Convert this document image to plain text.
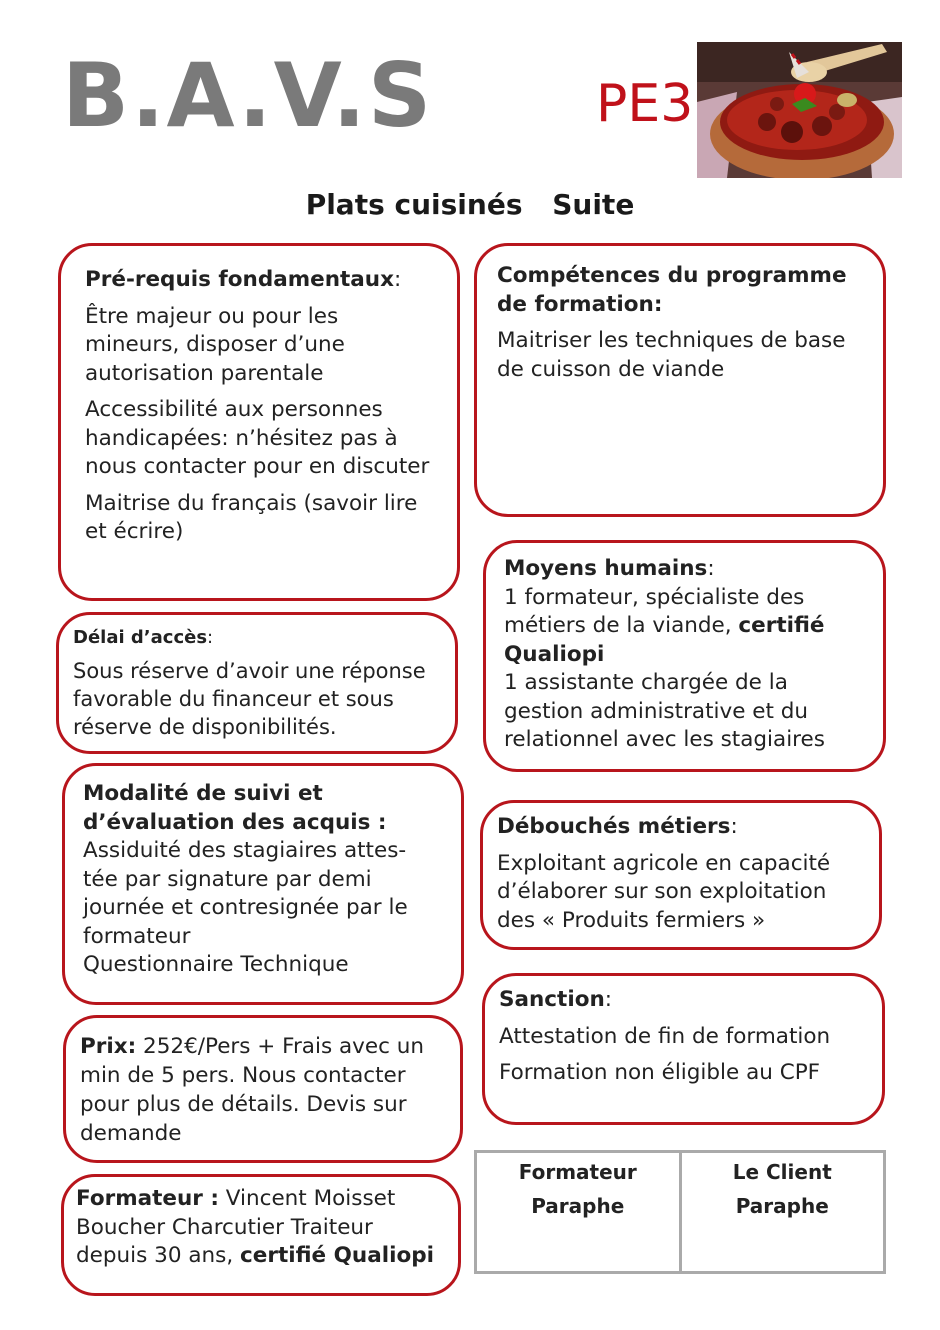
B.A.V.S	PE3
Plats cuisinés Suite

Pré-requis fondamentaux:

Être majeur ou pour les mineurs, disposer d’une autorisation parentale

Accessibilité aux personnes handicapées: n’hésitez pas à nous contacter pour en discuter

Maitrise du français (savoir lire et écrire)

Compétences du programme de formation:

Maitriser les techniques de base de cuisson de viande

Délai d’accès:

Sous réserve d’avoir une réponse favorable du financeur et sous réserve de disponibilités.

Moyens humains:

1 formateur, spécialiste des métiers de la viande, certifié Qualiopi

1 assistante chargée de la gestion administrative et du relationnel avec les stagiaires

Modalité de suivi et d’évaluation des acquis :

Assiduité des stagiaires attes- tée par signature par demi journée et contresignée par le formateur

Questionnaire Technique

Débouchés métiers:

Exploitant agricole en capacité d’élaborer sur son exploitation des « Produits fermiers »

Prix: 252€/Pers + Frais avec un min de 5 pers. Nous contacter pour plus de détails. Devis sur demande

Sanction:

Attestation de fin de formation

Formation non éligible au CPF

Formateur : Vincent Moisset
Boucher Charcutier Traiteur depuis 30 ans, certifié Qualiopi

Formateur
Paraphe
Le Client
Paraphe
